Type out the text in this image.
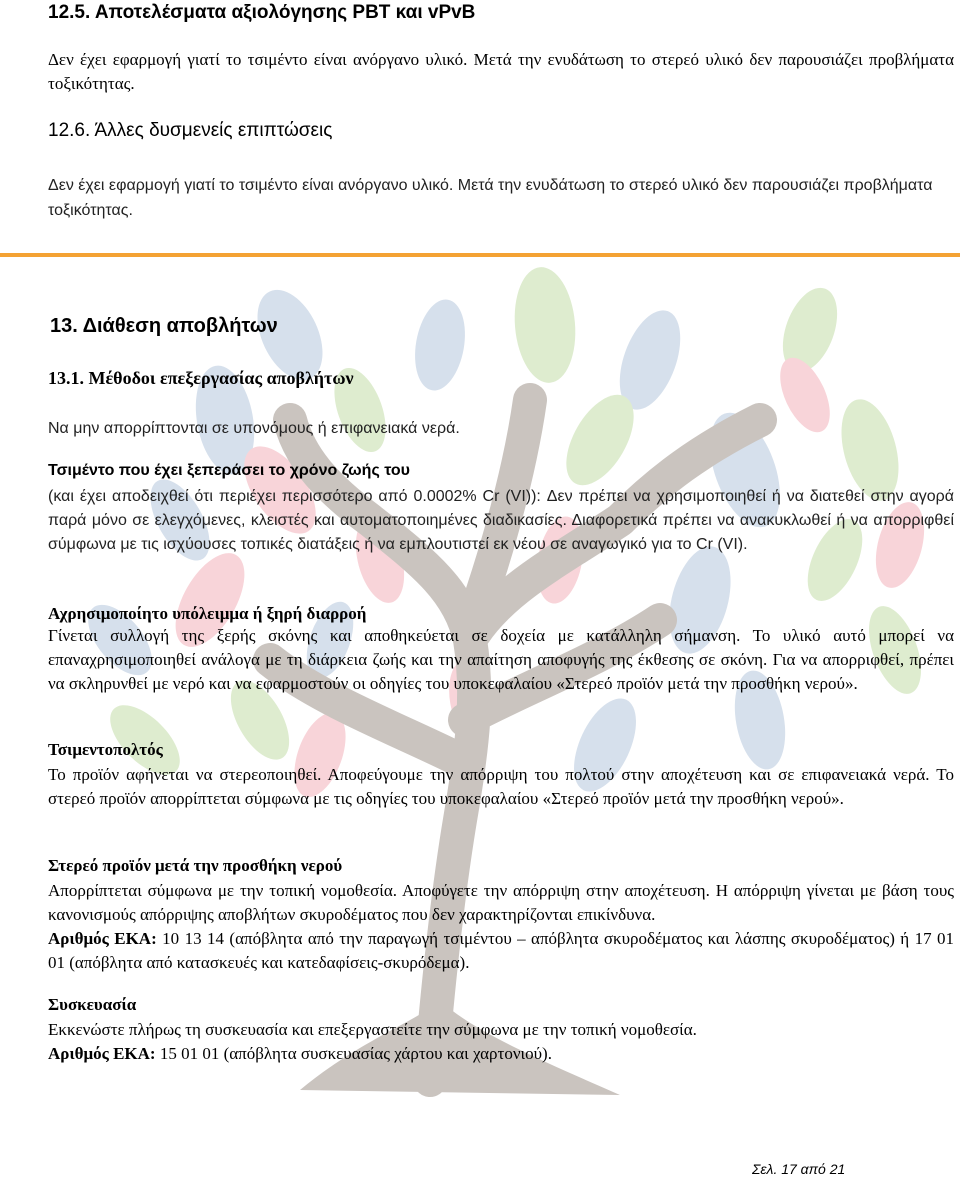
12.5. Αποτελέσματα αξιολόγησης PBT και vPvB
Δεν έχει εφαρμογή γιατί το τσιμέντο είναι ανόργανο υλικό. Μετά την ενυδάτωση το στερεό υλικό δεν παρουσιάζει προβλήματα τοξικότητας.
12.6. Άλλες δυσμενείς επιπτώσεις
Δεν έχει εφαρμογή γιατί το τσιμέντο είναι ανόργανο υλικό. Μετά την ενυδάτωση το στερεό υλικό δεν παρουσιάζει προβλήματα τοξικότητας.
13. Διάθεση αποβλήτων
13.1. Μέθοδοι επεξεργασίας αποβλήτων
Να μην απορρίπτονται σε υπονόμους ή επιφανειακά νερά.
Τσιμέντο που έχει ξεπεράσει το χρόνο ζωής του
(και έχει αποδειχθεί ότι περιέχει περισσότερο από 0.0002% Cr (VI)): Δεν πρέπει να χρησιμοποιηθεί ή να διατεθεί στην αγορά παρά μόνο σε ελεγχόμενες, κλειστές και αυτοματοποιημένες διαδικασίες. Διαφορετικά πρέπει να ανακυκλωθεί ή να απορριφθεί σύμφωνα με τις ισχύουσες τοπικές διατάξεις ή να εμπλουτιστεί εκ νέου σε αναγωγικό για το Cr (VI).
Αχρησιμοποίητο υπόλειμμα ή ξηρή διαρροή
Γίνεται συλλογή της ξερής σκόνης και αποθηκεύεται σε δοχεία με κατάλληλη σήμανση. Το υλικό αυτό μπορεί να επαναχρησιμοποιηθεί ανάλογα με τη διάρκεια ζωής και την απαίτηση αποφυγής της έκθεσης σε σκόνη. Για να απορριφθεί, πρέπει να σκληρυνθεί με νερό και να εφαρμοστούν οι οδηγίες του υποκεφαλαίου «Στερεό προϊόν μετά την προσθήκη νερού».
Τσιμεντοπολτός
Το προϊόν αφήνεται να στερεοποιηθεί. Αποφεύγουμε την απόρριψη του πολτού στην αποχέτευση και σε επιφανειακά νερά. Το στερεό προϊόν απορρίπτεται σύμφωνα με τις οδηγίες του υποκεφαλαίου «Στερεό προϊόν μετά την προσθήκη νερού».
Στερεό προϊόν μετά την προσθήκη νερού
Απορρίπτεται σύμφωνα με την τοπική νομοθεσία. Αποφύγετε την απόρριψη στην αποχέτευση. Η απόρριψη γίνεται με βάση τους κανονισμούς απόρριψης αποβλήτων σκυροδέματος που δεν χαρακτηρίζονται επικίνδυνα.
Αριθμός ΕΚΑ: 10 13 14 (απόβλητα από την παραγωγή τσιμέντου – απόβλητα σκυροδέματος και λάσπης σκυροδέματος) ή 17 01 01 (απόβλητα από κατασκευές και κατεδαφίσεις-σκυρόδεμα).
Συσκευασία
Εκκενώστε πλήρως τη συσκευασία και επεξεργαστείτε την σύμφωνα με την τοπική νομοθεσία.
Αριθμός ΕΚΑ: 15 01 01 (απόβλητα συσκευασίας χάρτου και χαρτονιού).
Σελ. 17 από 21
